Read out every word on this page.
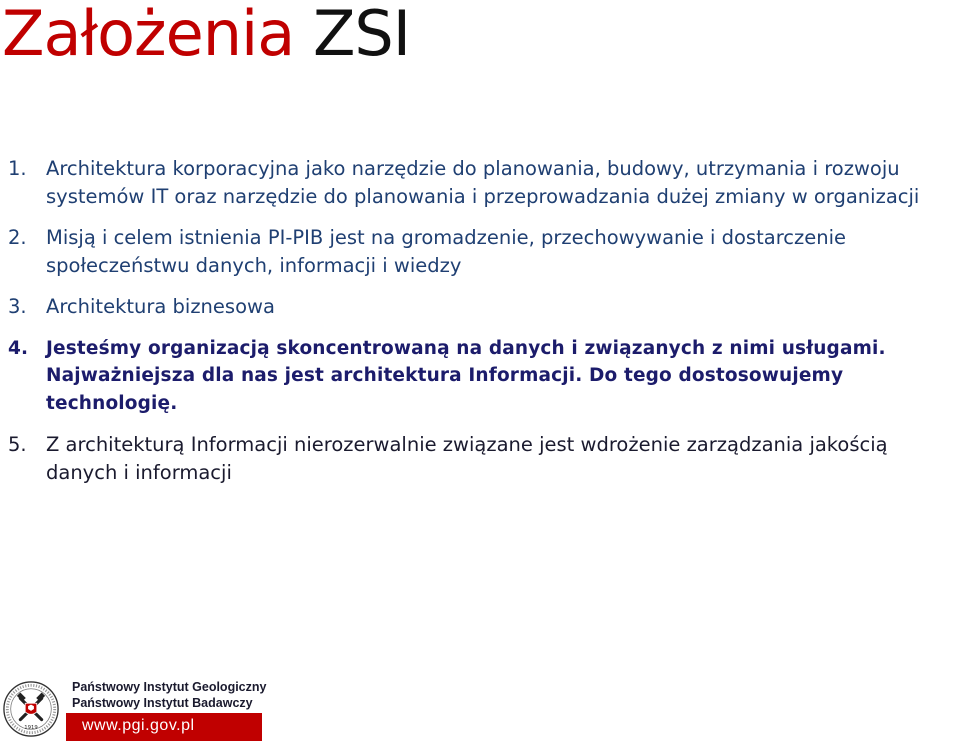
Założenia ZSI
1. Architektura korporacyjna jako narzędzie do planowania, budowy, utrzymania i rozwoju systemów IT oraz narzędzie do planowania i przeprowadzania dużej zmiany w organizacji
2. Misją i celem istnienia PI-PIB jest na gromadzenie, przechowywanie i dostarczenie społeczeństwu danych, informacji i wiedzy
3. Architektura biznesowa
4. Jesteśmy organizacją skoncentrowaną na danych i związanych z nimi usługami. Najważniejsza dla nas jest architektura Informacji. Do tego dostosowujemy technologię.
5. Z architekturą Informacji nierozerwalnie związane jest wdrożenie zarządzania jakością danych i informacji
1919
Państwowy Instytut Geologiczny
Państwowy Instytut Badawczy
www.pgi.gov.pl
